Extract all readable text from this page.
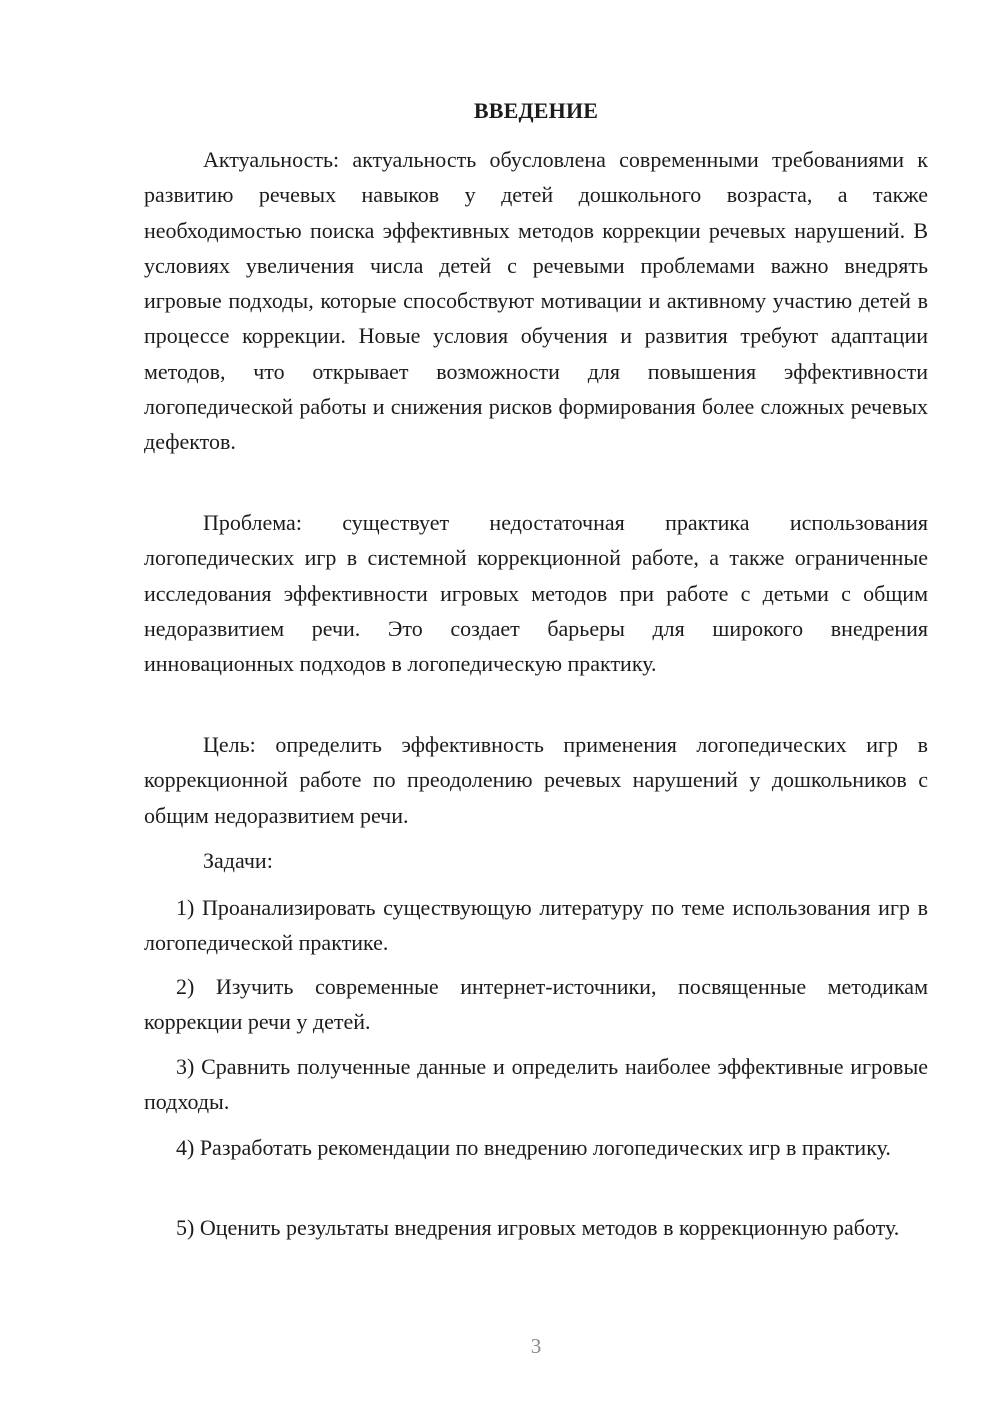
ВВЕДЕНИЕ

Актуальность: актуальность обусловлена современными требованиями к развитию речевых навыков у детей дошкольного возраста, а также необходимостью поиска эффективных методов коррекции речевых нарушений. В условиях увеличения числа детей с речевыми проблемами важно внедрять игровые подходы, которые способствуют мотивации и активному участию детей в процессе коррекции. Новые условия обучения и развития требуют адаптации методов, что открывает возможности для повышения эффективности логопедической работы и снижения рисков формирования более сложных речевых дефектов.

Проблема: существует недостаточная практика использования логопедических игр в системной коррекционной работе, а также ограниченные исследования эффективности игровых методов при работе с детьми с общим недоразвитием речи. Это создает барьеры для широкого внедрения инновационных подходов в логопедическую практику.

Цель: определить эффективность применения логопедических игр в коррекционной работе по преодолению речевых нарушений у дошкольников с общим недоразвитием речи.

Задачи:

1) Проанализировать существующую литературу по теме использования игр в логопедической практике.

2) Изучить современные интернет-источники, посвященные методикам коррекции речи у детей.

3) Сравнить полученные данные и определить наиболее эффективные игровые подходы.

4) Разработать рекомендации по внедрению логопедических игр в практику.

5) Оценить результаты внедрения игровых методов в коррекционную работу.

3
